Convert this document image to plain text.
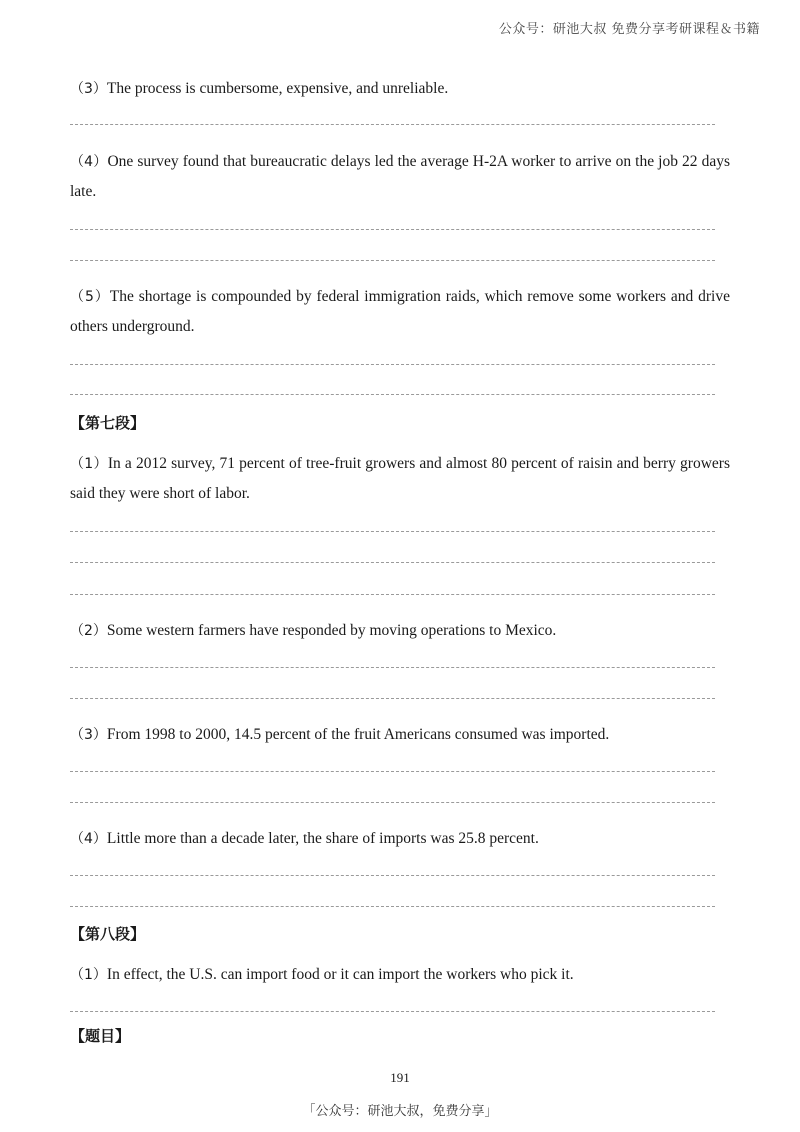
公众号：研池大叔 免费分享考研课程＆书籍
（3）The process is cumbersome, expensive, and unreliable.
（4）One survey found that bureaucratic delays led the average H-2A worker to arrive on the job 22 days late.
（5）The shortage is compounded by federal immigration raids, which remove some workers and drive others underground.
【第七段】
（1）In a 2012 survey, 71 percent of tree-fruit growers and almost 80 percent of raisin and berry growers said they were short of labor.
（2）Some western farmers have responded by moving operations to Mexico.
（3）From 1998 to 2000, 14.5 percent of the fruit Americans consumed was imported.
（4）Little more than a decade later, the share of imports was 25.8 percent.
【第八段】
（1）In effect, the U.S. can import food or it can import the workers who pick it.
【题目】
191
「公众号：研池大叔，免费分享」
